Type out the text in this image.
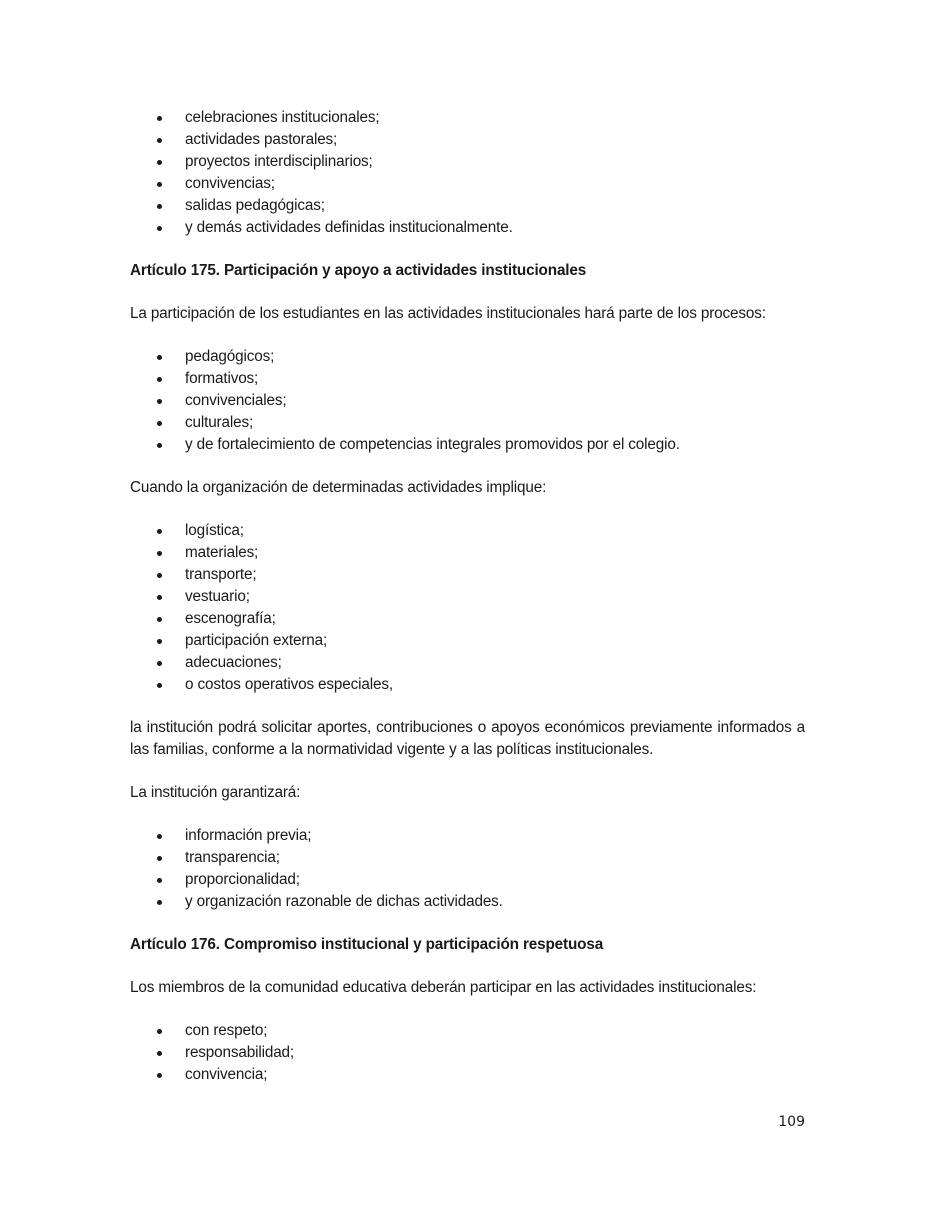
celebraciones institucionales;
actividades pastorales;
proyectos interdisciplinarios;
convivencias;
salidas pedagógicas;
y demás actividades definidas institucionalmente.
Artículo 175. Participación y apoyo a actividades institucionales

La participación de los estudiantes en las actividades institucionales hará parte de los procesos:

pedagógicos;
formativos;
convivenciales;
culturales;
y de fortalecimiento de competencias integrales promovidos por el colegio.

Cuando la organización de determinadas actividades implique:

logística;
materiales;
transporte;
vestuario;
escenografía;
participación externa;
adecuaciones;
o costos operativos especiales,

la institución podrá solicitar aportes, contribuciones o apoyos económicos previamente informados a las familias, conforme a la normatividad vigente y a las políticas institucionales.

La institución garantizará:

información previa;
transparencia;
proporcionalidad;
y organización razonable de dichas actividades.
Artículo 176. Compromiso institucional y participación respetuosa

Los miembros de la comunidad educativa deberán participar en las actividades institucionales:

con respeto;
responsabilidad;
convivencia;
109
